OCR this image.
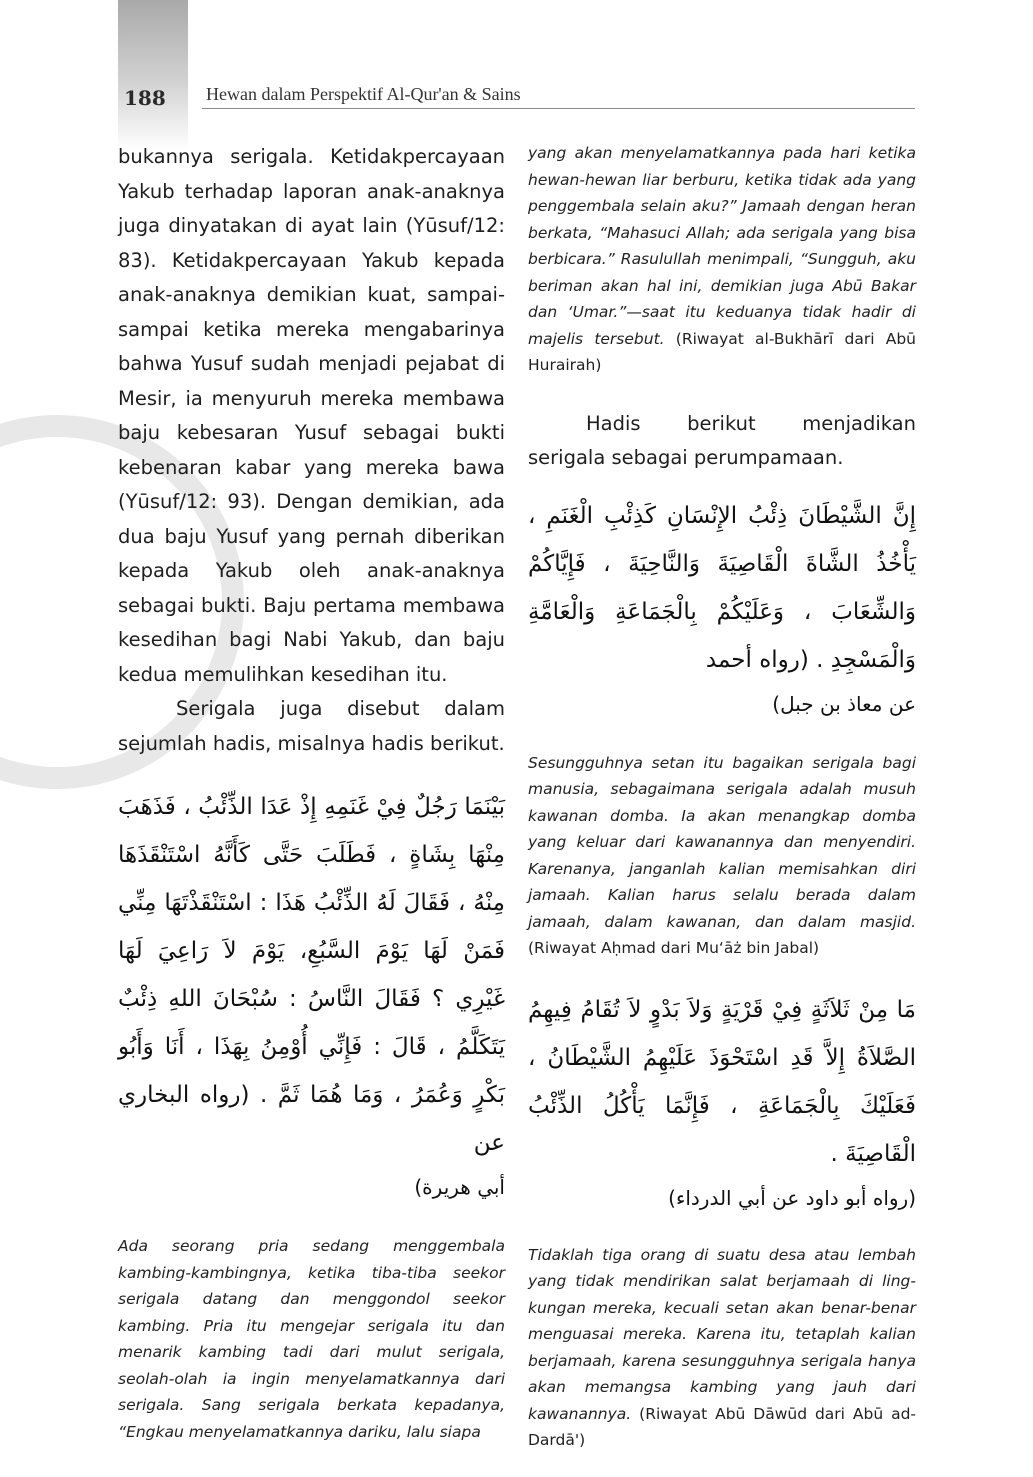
188 Hewan dalam Perspektif Al-Qur'an & Sains

bukannya serigala. Ketidakpercayaan Yakub terhadap laporan anak-anaknya juga dinyatakan di ayat lain (Yūsuf/12: 83). Ketidakpercayaan Yakub kepada anak-anaknya demikian kuat, sampai-sampai ketika mereka mengabarinya bahwa Yusuf sudah menjadi pejabat di Mesir, ia menyuruh mereka membawa baju kebesaran Yusuf sebagai bukti kebenaran kabar yang mereka bawa (Yūsuf/12: 93). Dengan demikian, ada dua baju Yusuf yang pernah diberikan kepada Yakub oleh anak-anaknya sebagai bukti. Baju pertama membawa kesedihan bagi Nabi Yakub, dan baju kedua memulihkan kesedihan itu.

Serigala juga disebut dalam sejumlah hadis, misalnya hadis berikut.

بَيْنَمَا رَجُلٌ فِيْ غَنَمِهِ إِذْ عَدَا الذِّئْبُ ، فَذَهَبَ مِنْهَا بِشَاةٍ ، فَطَلَبَ حَتَّى كَأَنَّهُ اسْتَنْقَذَهَا مِنْهُ ، فَقَالَ لَهُ الذِّئْبُ هَذَا : اسْتَنْقَذْتَهَا مِنِّي فَمَنْ لَهَا يَوْمَ السَّبُعِ، يَوْمَ لاَ رَاعِيَ لَهَا غَيْرِي ؟ فَقَالَ النَّاسُ : سُبْحَانَ اللهِ ذِئْبٌ يَتَكَلَّمُ ، قَالَ : فَإِنِّي أُوْمِنُ بِهَذَا ، أَنَا وَأَبُو بَكْرٍ وَعُمَرُ ، وَمَا هُمَا ثَمَّ . (رواه البخاري عن

أبي هريرة)

Ada seorang pria sedang menggembala kambing-kambingnya, ketika tiba-tiba seekor serigala datang dan menggondol seekor kambing. Pria itu mengejar serigala itu dan menarik kambing tadi dari mulut serigala, seolah-olah ia ingin menyelamatkannya dari serigala. Sang serigala berkata kepadanya, “Engkau menyelamatkannya dariku, lalu siapa

yang akan menyelamatkannya pada hari ketika hewan-hewan liar berburu, ketika tidak ada yang penggembala selain aku?” Jamaah dengan heran berkata, “Mahasuci Allah; ada serigala yang bisa berbicara.” Rasulullah menimpali, “Sungguh, aku beriman akan hal ini, demikian juga Abū Bakar dan ‘Umar.”—saat itu keduanya tidak hadir di majelis tersebut. (Riwayat al-Bukhārī dari Abū Hurairah)

Hadis berikut menjadikan serigala sebagai perumpamaan.

إِنَّ الشَّيْطَانَ ذِئْبُ الإِنْسَانِ كَذِئْبِ الْغَنَمِ ، يَأْخُذُ الشَّاةَ الْقَاصِيَةَ وَالنَّاحِيَةَ ، فَإِيَّاكُمْ وَالشِّعَابَ ، وَعَلَيْكُمْ بِالْجَمَاعَةِ وَالْعَامَّةِ وَالْمَسْجِدِ . (رواه أحمد

عن معاذ بن جبل)

Sesungguhnya setan itu bagaikan serigala bagi manusia, sebagaimana serigala adalah musuh kawanan domba. Ia akan menangkap domba yang keluar dari kawanannya dan menyendiri. Karenanya, janganlah kalian memisahkan diri jamaah. Kalian harus selalu berada dalam jamaah, dalam kawanan, dan dalam masjid. (Riwayat Aḥmad dari Mu‘āż bin Jabal)

مَا مِنْ ثَلاَثَةٍ فِيْ قَرْيَةٍ وَلاَ بَدْوٍ لاَ تُقَامُ فِيهِمُ الصَّلاَةُ إِلاَّ قَدِ اسْتَحْوَذَ عَلَيْهِمُ الشَّيْطَانُ ، فَعَلَيْكَ بِالْجَمَاعَةِ ، فَإِنَّمَا يَأْكُلُ الذِّئْبُ الْقَاصِيَةَ .

(رواه أبو داود عن أبي الدرداء)

Tidaklah tiga orang di suatu desa atau lembah yang tidak mendirikan salat berjamaah di ling-kungan mereka, kecuali setan akan benar-benar menguasai mereka. Karena itu, tetaplah kalian berjamaah, karena sesungguhnya serigala hanya akan memangsa kambing yang jauh dari kawanannya. (Riwayat Abū Dāwūd dari Abū ad-Dardā')
